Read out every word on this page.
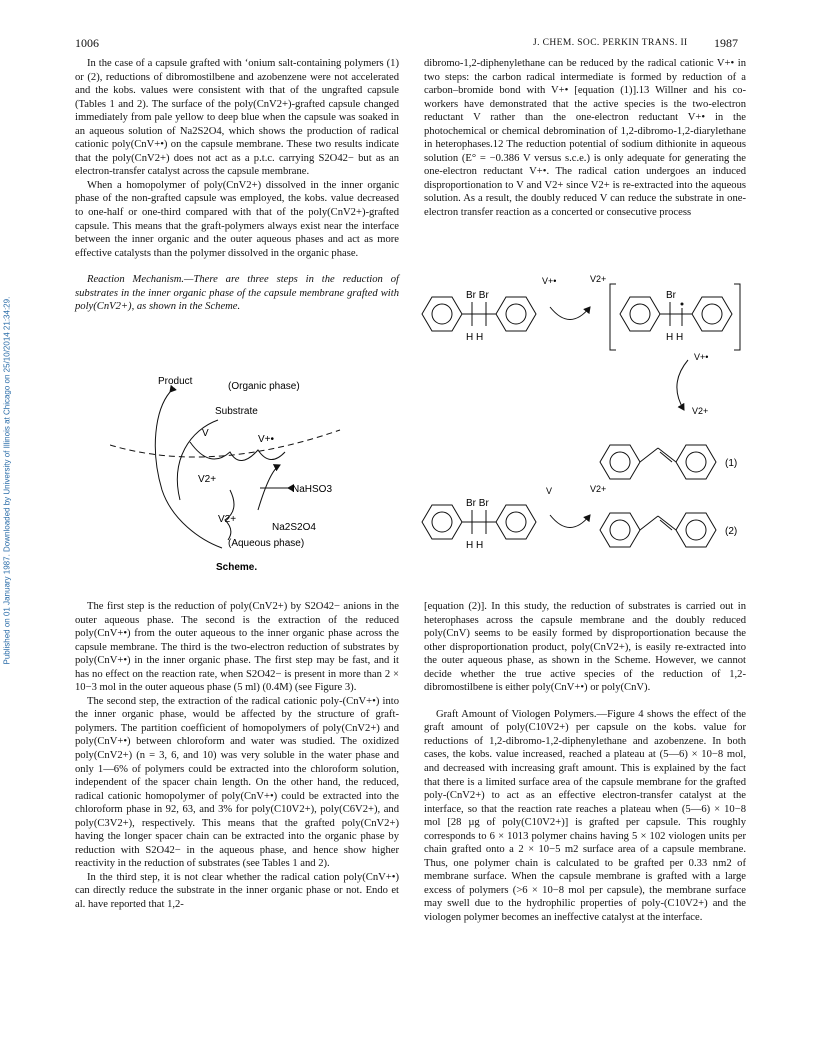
1006	J. CHEM. SOC. PERKIN TRANS. II 1987
Published on 01 January 1987. Downloaded by University of Illinois at Chicago on 25/10/2014 21:34:29.

In the case of a capsule grafted with ‘onium salt-containing polymers (1) or (2), reductions of dibromostilbene and azobenzene were not accelerated and the kobs. values were consistent with that of the ungrafted capsule (Tables 1 and 2). The surface of the poly(CnV2+)-grafted capsule changed immediately from pale yellow to deep blue when the capsule was soaked in an aqueous solution of Na2S2O4, which shows the production of radical cationic poly(CnV+•) on the capsule membrane. These two results indicate that the poly(CnV2+) does not act as a p.t.c. carrying S2O42− but as an electron-transfer catalyst across the capsule membrane.

When a homopolymer of poly(CnV2+) dissolved in the inner organic phase of the non-grafted capsule was employed, the kobs. value decreased to one-half or one-third compared with that of the poly(CnV2+)-grafted capsule. This means that the graft-polymers always exist near the interface between the inner organic and the outer aqueous phases and act as more effective catalysts than the polymer dissolved in the organic phase.

Reaction Mechanism.—There are three steps in the reduction of substrates in the inner organic phase of the capsule membrane grafted with poly(CnV2+), as shown in the Scheme.

Product	(Organic phase)
Substrate
V
V+•
V2+
NaHSO3
V2+
Na2S2O4
(Aqueous phase)
Scheme.

The first step is the reduction of poly(CnV2+) by S2O42− anions in the outer aqueous phase. The second is the extraction of the reduced poly(CnV+•) from the outer aqueous to the inner organic phase across the capsule membrane. The third is the two-electron reduction of substrates by poly(CnV+•) in the inner organic phase. The first step may be fast, and it has no effect on the reaction rate, when S2O42− is present in more than 2 × 10−3 mol in the outer aqueous phase (5 ml) (0.4M) (see Figure 3).

The second step, the extraction of the radical cationic poly-(CnV+•) into the inner organic phase, would be affected by the structure of graft-polymers. The partition coefficient of homopolymers of poly(CnV2+) and poly(CnV+•) between chloroform and water was studied. The oxidized poly(CnV2+) (n = 3, 6, and 10) was very soluble in the water phase and only 1—6% of polymers could be extracted into the chloroform solution, independent of the spacer chain length. On the other hand, the reduced, radical cationic homopolymer of poly(CnV+•) could be extracted into the chloroform phase in 92, 63, and 3% for poly(C10V2+), poly(C6V2+), and poly(C3V2+), respectively. This means that the grafted poly(CnV2+) having the longer spacer chain can be extracted into the organic phase by reduction with S2O42− in the aqueous phase, and hence show higher reactivity in the reduction of substrates (see Tables 1 and 2).

In the third step, it is not clear whether the radical cation poly(CnV+•) can directly reduce the substrate in the inner organic phase or not. Endo et al. have reported that 1,2-

dibromo-1,2-diphenylethane can be reduced by the radical cationic V+• in two steps: the carbon radical intermediate is formed by reduction of a carbon–bromide bond with V+• [equation (1)].13 Willner and his co-workers have demonstrated that the active species is the two-electron reductant V rather than the one-electron reductant V+• in the photochemical or chemical debromination of 1,2-dibromo-1,2-diarylethane in heterophases.12 The reduction potential of sodium dithionite in aqueous solution (E° = −0.386 V versus s.c.e.) is only adequate for generating the one-electron reductant V+•. The radical cation undergoes an induced disproportionation to V and V2+ since V2+ is re-extracted into the aqueous solution. As a result, the doubly reduced V can reduce the substrate in one-electron transfer reaction as a concerted or consecutive process

Br Br
H H
V+•	V2+
Br
H H
V+•
V2+
(1)
Br Br
H H
V	V2+
(2)

[equation (2)]. In this study, the reduction of substrates is carried out in heterophases across the capsule membrane and the doubly reduced poly(CnV) seems to be easily formed by disproportionation because the other disproportionation product, poly(CnV2+), is easily re-extracted into the outer aqueous phase, as shown in the Scheme. However, we cannot decide whether the true active species of the reduction of 1,2-dibromostilbene is either poly(CnV+•) or poly(CnV).

Graft Amount of Viologen Polymers.—Figure 4 shows the effect of the graft amount of poly(C10V2+) per capsule on the kobs. value for reductions of 1,2-dibromo-1,2-diphenylethane and azobenzene. In both cases, the kobs. value increased, reached a plateau at (5—6) × 10−8 mol, and decreased with increasing graft amount. This is explained by the fact that there is a limited surface area of the capsule membrane for the grafted poly-(CnV2+) to act as an effective electron-transfer catalyst at the interface, so that the reaction rate reaches a plateau when (5—6) × 10−8 mol [28 µg of poly(C10V2+)] is grafted per capsule. This roughly corresponds to 6 × 1013 polymer chains having 5 × 102 viologen units per chain grafted onto a 2 × 10−5 m2 surface area of a capsule membrane. Thus, one polymer chain is calculated to be grafted per 0.33 nm2 of membrane surface. When the capsule membrane is grafted with a large excess of polymers (>6 × 10−8 mol per capsule), the membrane surface may swell due to the hydrophilic properties of poly-(C10V2+) and the viologen polymer becomes an ineffective catalyst at the interface.
